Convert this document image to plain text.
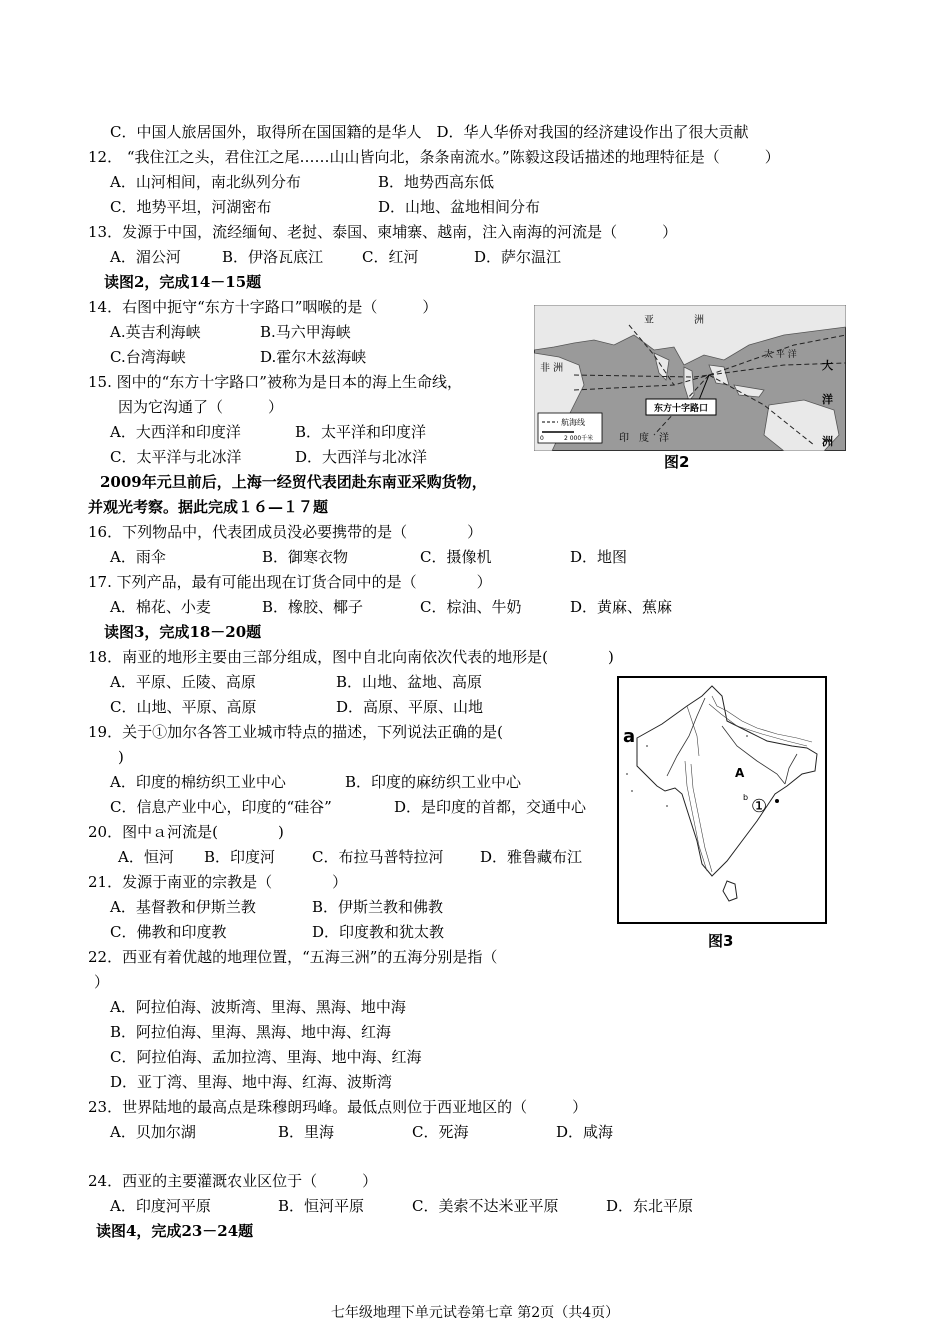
C．中国人旅居国外，取得所在国国籍的是华人　D．华人华侨对我国的经济建设作出了很大贡献
12． “我住江之头，君住江之尾……山山皆向北，条条南流水。”陈毅这段话描述的地理特征是（　　　）
A．山河相间，南北纵列分布	B．地势西高东低
C．地势平坦，河湖密布	D．山地、盆地相间分布
13．发源于中国，流经缅甸、老挝、泰国、柬埔寨、越南，注入南海的河流是（　　　）
A．湄公河	B．伊洛瓦底江	C．红河	D．萨尔温江
读图2，完成14－15题
14．右图中扼守“东方十字路口”咽喉的是（　　　）
A.英吉利海峡	B.马六甲海峡
C.台湾海峡	D.霍尔木兹海峡
15. 图中的“东方十字路口”被称为是日本的海上生命线，
因为它沟通了（　　　）
A．大西洋和印度洋	B．太平洋和印度洋
C．太平洋与北冰洋	D．大西洋与北冰洋
2009年元旦前后，上海一经贸代表团赴东南亚采购货物，
并观光考察。据此完成１６—１７题
16．下列物品中，代表团成员没必要携带的是（　　　　）
A．雨伞	B．御寒衣物	C．摄像机	D．地图
17. 下列产品，最有可能出现在订货合同中的是（　　　　）
A．棉花、小麦	B．橡胶、椰子	C．棕油、牛奶	D．黄麻、蕉麻
读图3，完成18－20题
18．南亚的地形主要由三部分组成，图中自北向南依次代表的地形是(　　　　)
A．平原、丘陵、高原	B．山地、盆地、高原
C．山地、平原、高原	D．高原、平原、山地
19．关于①加尔各答工业城市特点的描述，下列说法正确的是(
)
A．印度的棉纺织工业中心	B．印度的麻纺织工业中心
C．信息产业中心，印度的“硅谷”	D．是印度的首都，交通中心
20．图中ａ河流是(　　　　)
A．恒河 B．印度河 C．布拉马普特拉河 D．雅鲁藏布江
21．发源于南亚的宗教是（　　　　）
A．基督教和伊斯兰教	B．伊斯兰教和佛教
C．佛教和印度教	D．印度教和犹太教
22．西亚有着优越的地理位置，“五海三洲”的五海分别是指（
）
A．阿拉伯海、波斯湾、里海、黑海、地中海
B．阿拉伯海、里海、黑海、地中海、红海
C．阿拉伯海、孟加拉湾、里海、地中海、红海
D．亚丁湾、里海、地中海、红海、波斯湾
23．世界陆地的最高点是珠穆朗玛峰。最低点则位于西亚地区的（　　　）
A．贝加尔湖	B．里海	C．死海	D．咸海
24．西亚的主要灌溉农业区位于（　　　）
A．印度河平原	B．恒河平原	C．美索不达米亚平原	D．东北平原
读图4，完成23－24题
东方十字路口
亚　　　　洲
非 洲
太 平 洋
印　度　洋
大
洋
洲
航海线
0	2 000千米
图2
a
A
b ①
图3
七年级地理下单元试卷第七章 第2页（共4页）
